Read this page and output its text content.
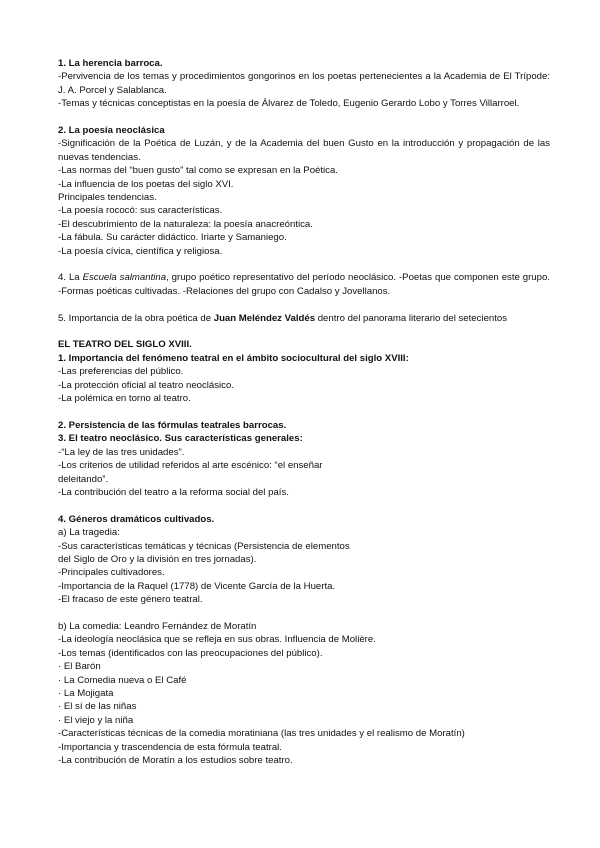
1. La herencia barroca.

-Pervivencia de los temas y procedimientos gongorinos en los poetas pertenecientes a la Academia de El Trípode: J. A. Porcel y Salablanca.

-Temas y técnicas conceptistas en la poesía de Álvarez de Toledo, Eugenio Gerardo Lobo y Torres Villarroel.

2. La poesía neoclásica

-Significación de la Poética de Luzán, y de la Academia del buen Gusto en la introducción y propagación de las nuevas tendencias.

-Las normas del “buen gusto” tal como se expresan en la Poética.

-La influencia de los poetas del siglo XVI.

Principales tendencias.

-La poesía rococó: sus características.

-El descubrimiento de la naturaleza: la poesía anacreóntica.

-La fábula. Su carácter didáctico. Iriarte y Samaniego.

-La poesía cívica, científica y religiosa.

4. La Escuela salmantina, grupo poético representativo del período neoclásico. -Poetas que componen este grupo. -Formas poéticas cultivadas. -Relaciones del grupo con Cadalso y Jovellanos.

5. Importancia de la obra poética de Juan Meléndez Valdés dentro del panorama literario del setecientos

EL TEATRO DEL SIGLO XVIII.

1. Importancia del fenómeno teatral en el ámbito sociocultural del siglo XVIII:

-Las preferencias del público.

-La protección oficial al teatro neoclásico.

-La polémica en torno al teatro.

2. Persistencia de las fórmulas teatrales barrocas.

3. El teatro neoclásico. Sus características generales:

-“La ley de las tres unidades”.

-Los criterios de utilidad referidos al arte escénico: “el enseñar

deleitando”.

-La contribución del teatro a la reforma social del país.

4. Géneros dramáticos cultivados.

a) La tragedia:

-Sus características temáticas y técnicas (Persistencia de elementos

del Siglo de Oro y la división en tres jornadas).

-Principales cultivadores.

-Importancia de la Raquel (1778) de Vicente García de la Huerta.

-El fracaso de este género teatral.

b) La comedia: Leandro Fernández de Moratín

-La ideología neoclásica que se refleja en sus obras. Influencia de Molière.

-Los temas (identificados con las preocupaciones del público).

· El Barón

· La Comedia nueva o El Café

· La Mojigata

· El sí de las niñas

· El viejo y la niña

-Características técnicas de la comedia moratiniana (las tres unidades y el realismo de Moratín)

-Importancia y trascendencia de esta fórmula teatral.

-La contribución de Moratín a los estudios sobre teatro.
